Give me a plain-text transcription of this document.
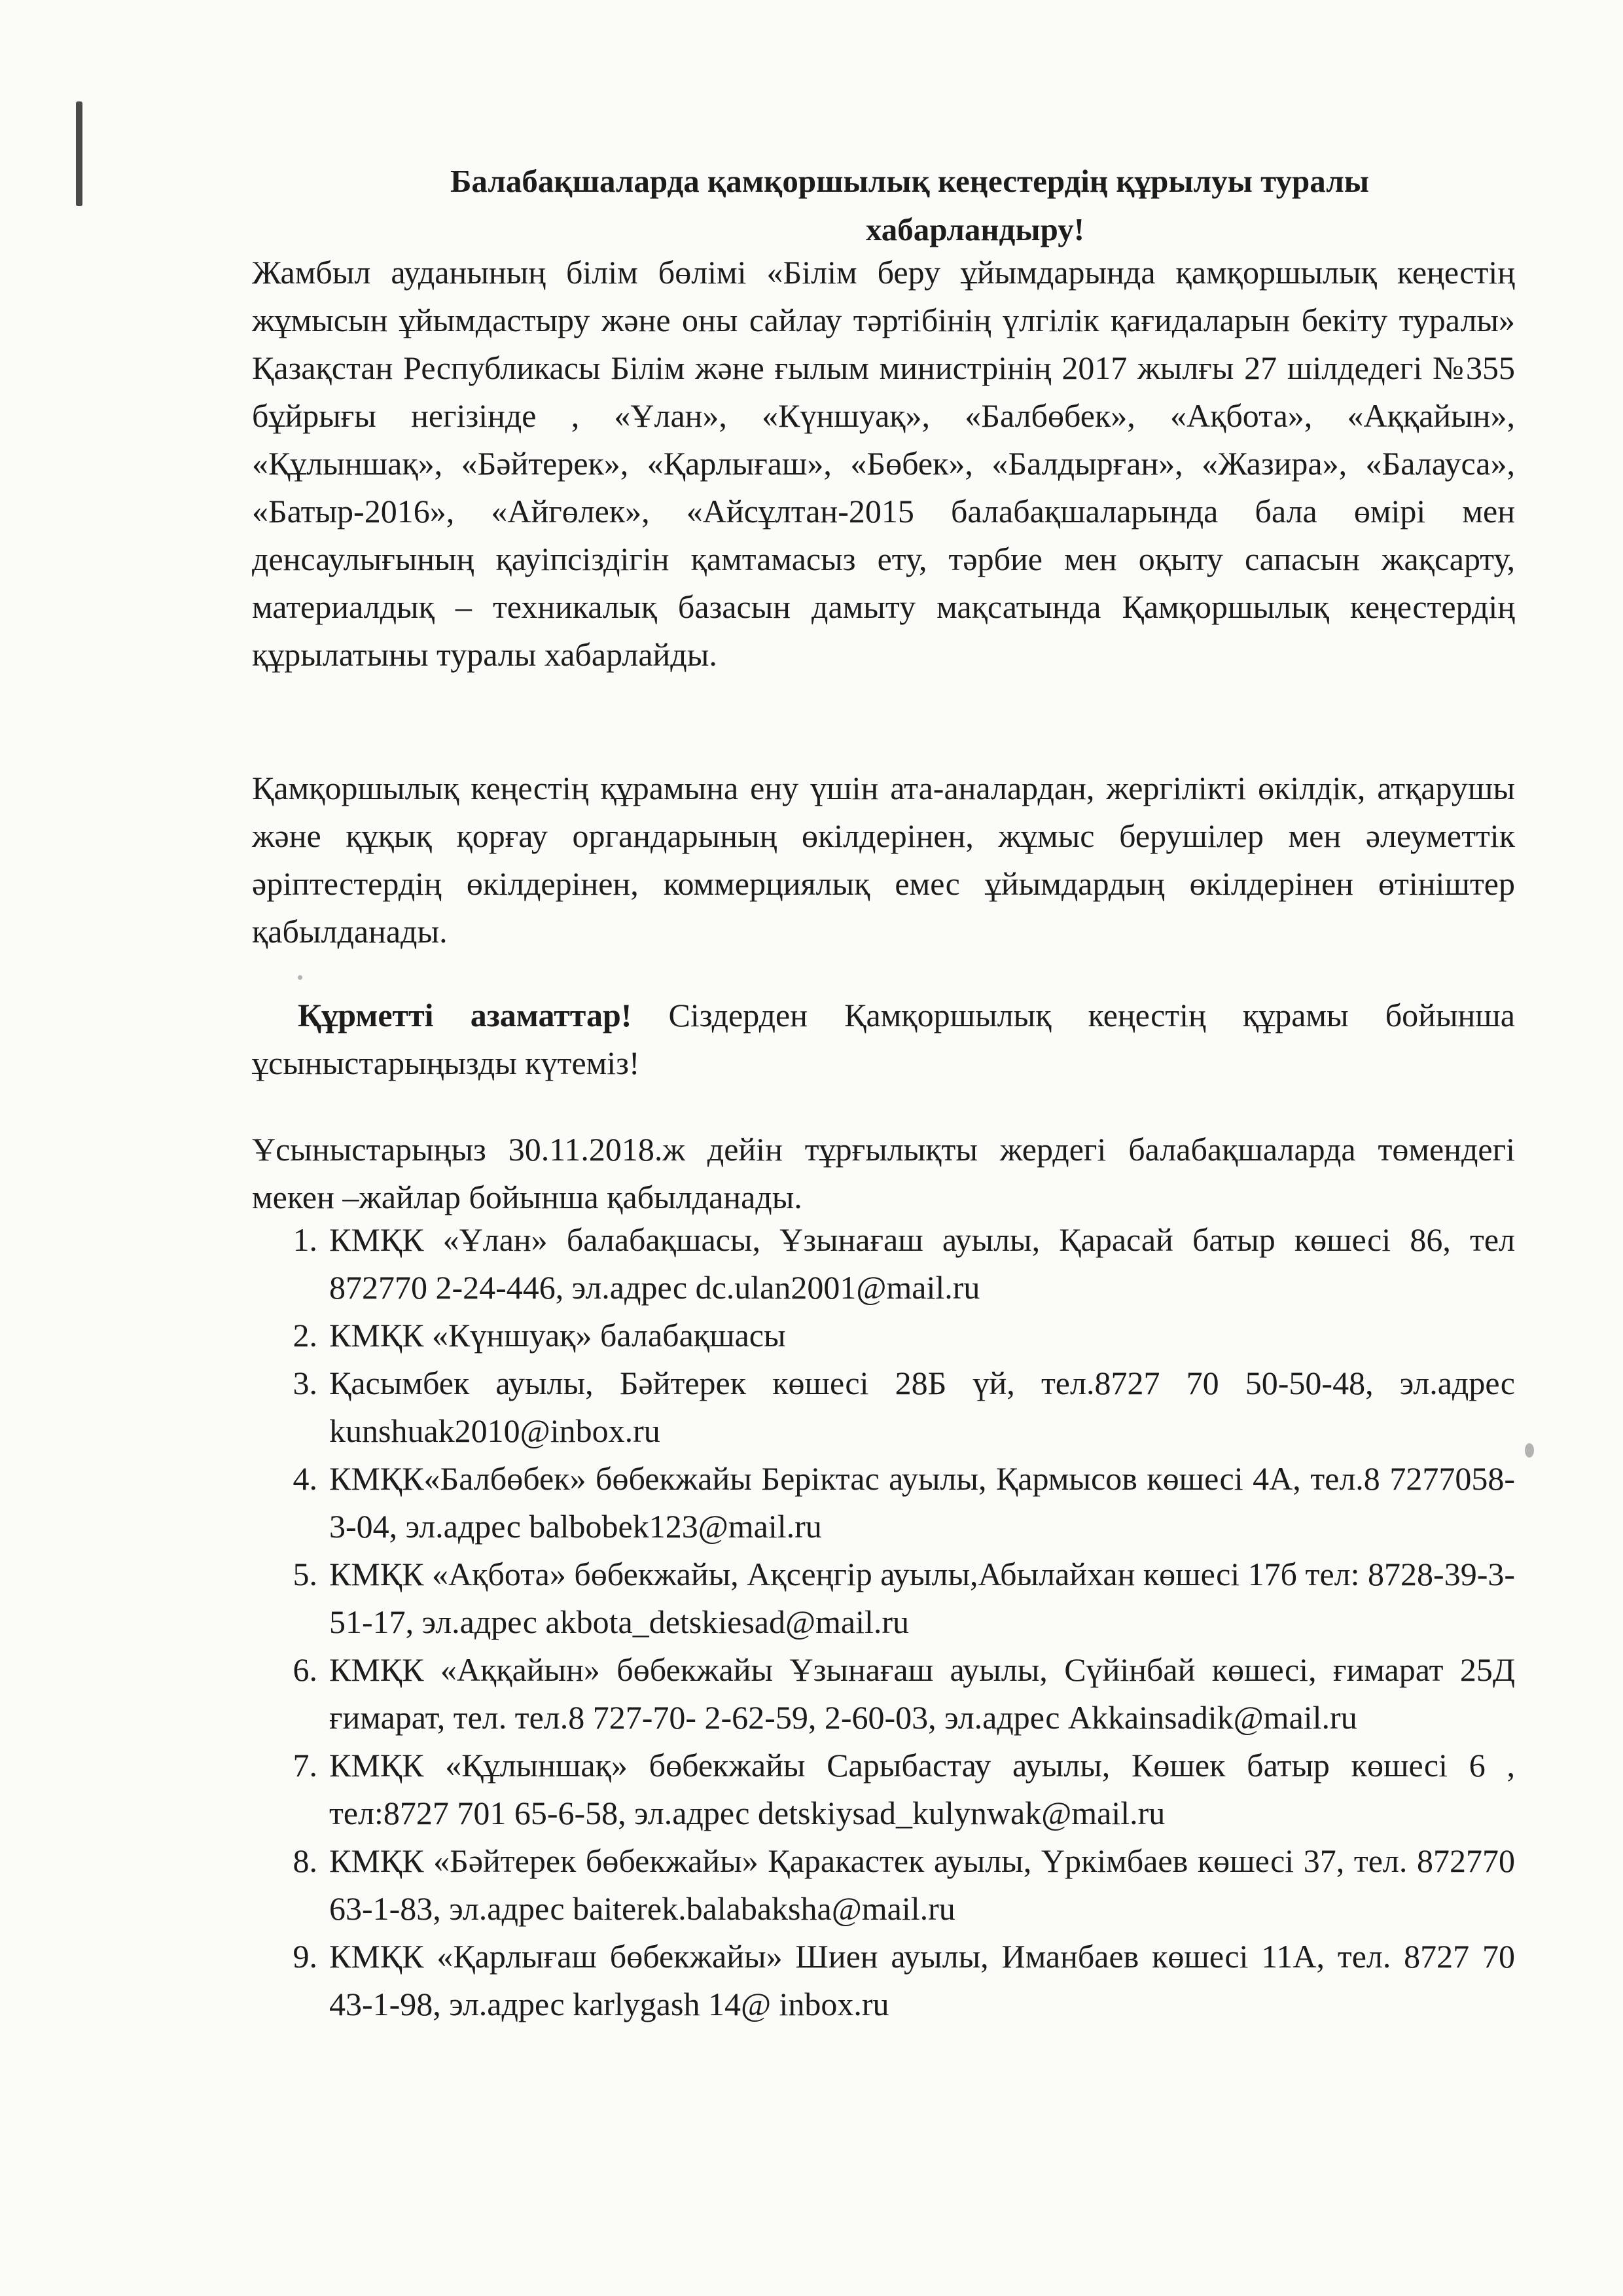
Балабақшаларда қамқоршылық кеңестердің құрылуы туралы
хабарландыру!
Жамбыл ауданының білім бөлімі «Білім беру ұйымдарында қамқоршылық кеңестің жұмысын ұйымдастыру және оны сайлау тәртібінің үлгілік қағидаларын бекіту туралы» Қазақстан Республикасы Білім және ғылым министрінің 2017 жылғы 27 шілдедегі №355 бұйрығы негізінде , «Ұлан», «Күншуақ», «Балбөбек», «Ақбота», «Аққайын», «Құлыншақ», «Бәйтерек», «Қарлығаш», «Бөбек», «Балдырған», «Жазира», «Балауса», «Батыр-2016», «Айгөлек», «Айсұлтан-2015 балабақшаларында бала өмірі мен денсаулығының қауіпсіздігін қамтамасыз ету, тәрбие мен оқыту сапасын жақсарту, материалдық – техникалық базасын дамыту мақсатында Қамқоршылық кеңестердің құрылатыны туралы хабарлайды.
Қамқоршылық кеңестің құрамына ену үшін ата-аналардан, жергілікті өкілдік, атқарушы және құқық қорғау органдарының өкілдерінен, жұмыс берушілер мен әлеуметтік әріптестердің өкілдерінен, коммерциялық емес ұйымдардың өкілдерінен өтініштер қабылданады.
Құрметті азаматтар! Сіздерден Қамқоршылық кеңестің құрамы бойынша ұсыныстарыңызды күтеміз!
Ұсыныстарыңыз 30.11.2018.ж дейін тұрғылықты жердегі балабақшаларда төмендегі мекен –жайлар бойынша қабылданады.
1. КМҚК «Ұлан» балабақшасы, Ұзынағаш ауылы, Қарасай батыр көшесі 86, тел 872770 2-24-446, эл.адрес dc.ulan2001@mail.ru
2. КМҚК «Күншуақ» балабақшасы
3. Қасымбек ауылы, Бәйтерек көшесі 28Б үй, тел.8727 70 50-50-48, эл.адрес kunshuak2010@inbox.ru
4. КМҚК«Балбөбек» бөбекжайы Беріктас ауылы, Қармысов көшесі 4А, тел.8 7277058-3-04, эл.адрес balbobek123@mail.ru
5. КМҚК «Ақбота» бөбекжайы, Ақсеңгір ауылы,Абылайхан көшесі 17б тел: 8728-39-3-51-17, эл.адрес akbota_detskiesad@mail.ru
6. КМҚК «Аққайын» бөбекжайы Ұзынағаш ауылы, Сүйінбай көшесі, ғимарат 25Д ғимарат, тел. тел.8 727-70- 2-62-59, 2-60-03, эл.адрес Akkainsadik@mail.ru
7. КМҚК «Құлыншақ» бөбекжайы Сарыбастау ауылы, Көшек батыр көшесі 6 , тел:8727 701 65-6-58, эл.адрес detskiysad_kulynwak@mail.ru
8. КМҚК «Бәйтерек бөбекжайы» Қаракастек ауылы, Үркімбаев көшесі 37, тел. 872770 63-1-83, эл.адрес baiterek.balabaksha@mail.ru
9. КМҚК «Қарлығаш бөбекжайы» Шиен ауылы, Иманбаев көшесі 11А, тел. 8727 70 43-1-98, эл.адрес karlygash 14@ inbox.ru
